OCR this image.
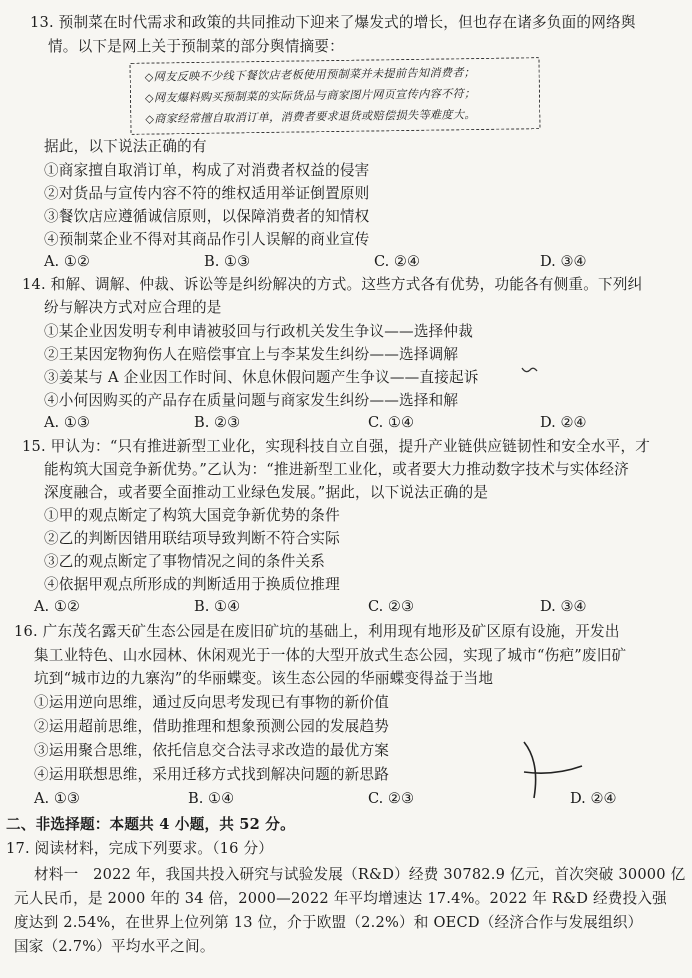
13. 预制菜在时代需求和政策的共同推动下迎来了爆发式的增长，但也存在诸多负面的网络舆
情。以下是网上关于预制菜的部分舆情摘要：
◇网友反映不少线下餐饮店老板使用预制菜并未提前告知消费者；
◇网友爆料购买预制菜的实际货品与商家图片网页宣传内容不符；
◇商家经常擅自取消订单，消费者要求退货或赔偿损失等难度大。
据此，以下说法正确的有
①商家擅自取消订单，构成了对消费者权益的侵害
②对货品与宣传内容不符的维权适用举证倒置原则
③餐饮店应遵循诚信原则，以保障消费者的知情权
④预制菜企业不得对其商品作引人误解的商业宣传
A. ①②	B. ①③	C. ②④	D. ③④
14. 和解、调解、仲裁、诉讼等是纠纷解决的方式。这些方式各有优势，功能各有侧重。下列纠
纷与解决方式对应合理的是
①某企业因发明专利申请被驳回与行政机关发生争议——选择仲裁
②王某因宠物狗伤人在赔偿事宜上与李某发生纠纷——选择调解
③姜某与 A 企业因工作时间、休息休假问题产生争议——直接起诉
④小何因购买的产品存在质量问题与商家发生纠纷——选择和解
A. ①③	B. ②③	C. ①④	D. ②④
15. 甲认为：“只有推进新型工业化，实现科技自立自强，提升产业链供应链韧性和安全水平，才
能构筑大国竞争新优势。”乙认为：“推进新型工业化，或者要大力推动数字技术与实体经济
深度融合，或者要全面推动工业绿色发展。”据此，以下说法正确的是
①甲的观点断定了构筑大国竞争新优势的条件
②乙的判断因错用联结项导致判断不符合实际
③乙的观点断定了事物情况之间的条件关系
④依据甲观点所形成的判断适用于换质位推理
A. ①②	B. ①④	C. ②③	D. ③④
16. 广东茂名露天矿生态公园是在废旧矿坑的基础上，利用现有地形及矿区原有设施，开发出
集工业特色、山水园林、休闲观光于一体的大型开放式生态公园，实现了城市“伤疤”废旧矿
坑到“城市边的九寨沟”的华丽蝶变。该生态公园的华丽蝶变得益于当地
①运用逆向思维，通过反向思考发现已有事物的新价值
②运用超前思维，借助推理和想象预测公园的发展趋势
③运用聚合思维，依托信息交合法寻求改造的最优方案
④运用联想思维，采用迁移方式找到解决问题的新思路
A. ①③	B. ①④	C. ②③	D. ②④
二、非选择题：本题共 4 小题，共 52 分。
17. 阅读材料，完成下列要求。（16 分）
材料一　2022 年，我国共投入研究与试验发展（R&D）经费 30782.9 亿元，首次突破 30000 亿
元人民币，是 2000 年的 34 倍，2000—2022 年平均增速达 17.4%。2022 年 R&D 经费投入强
度达到 2.54%，在世界上位列第 13 位，介于欧盟（2.2%）和 OECD（经济合作与发展组织）
国家（2.7%）平均水平之间。
